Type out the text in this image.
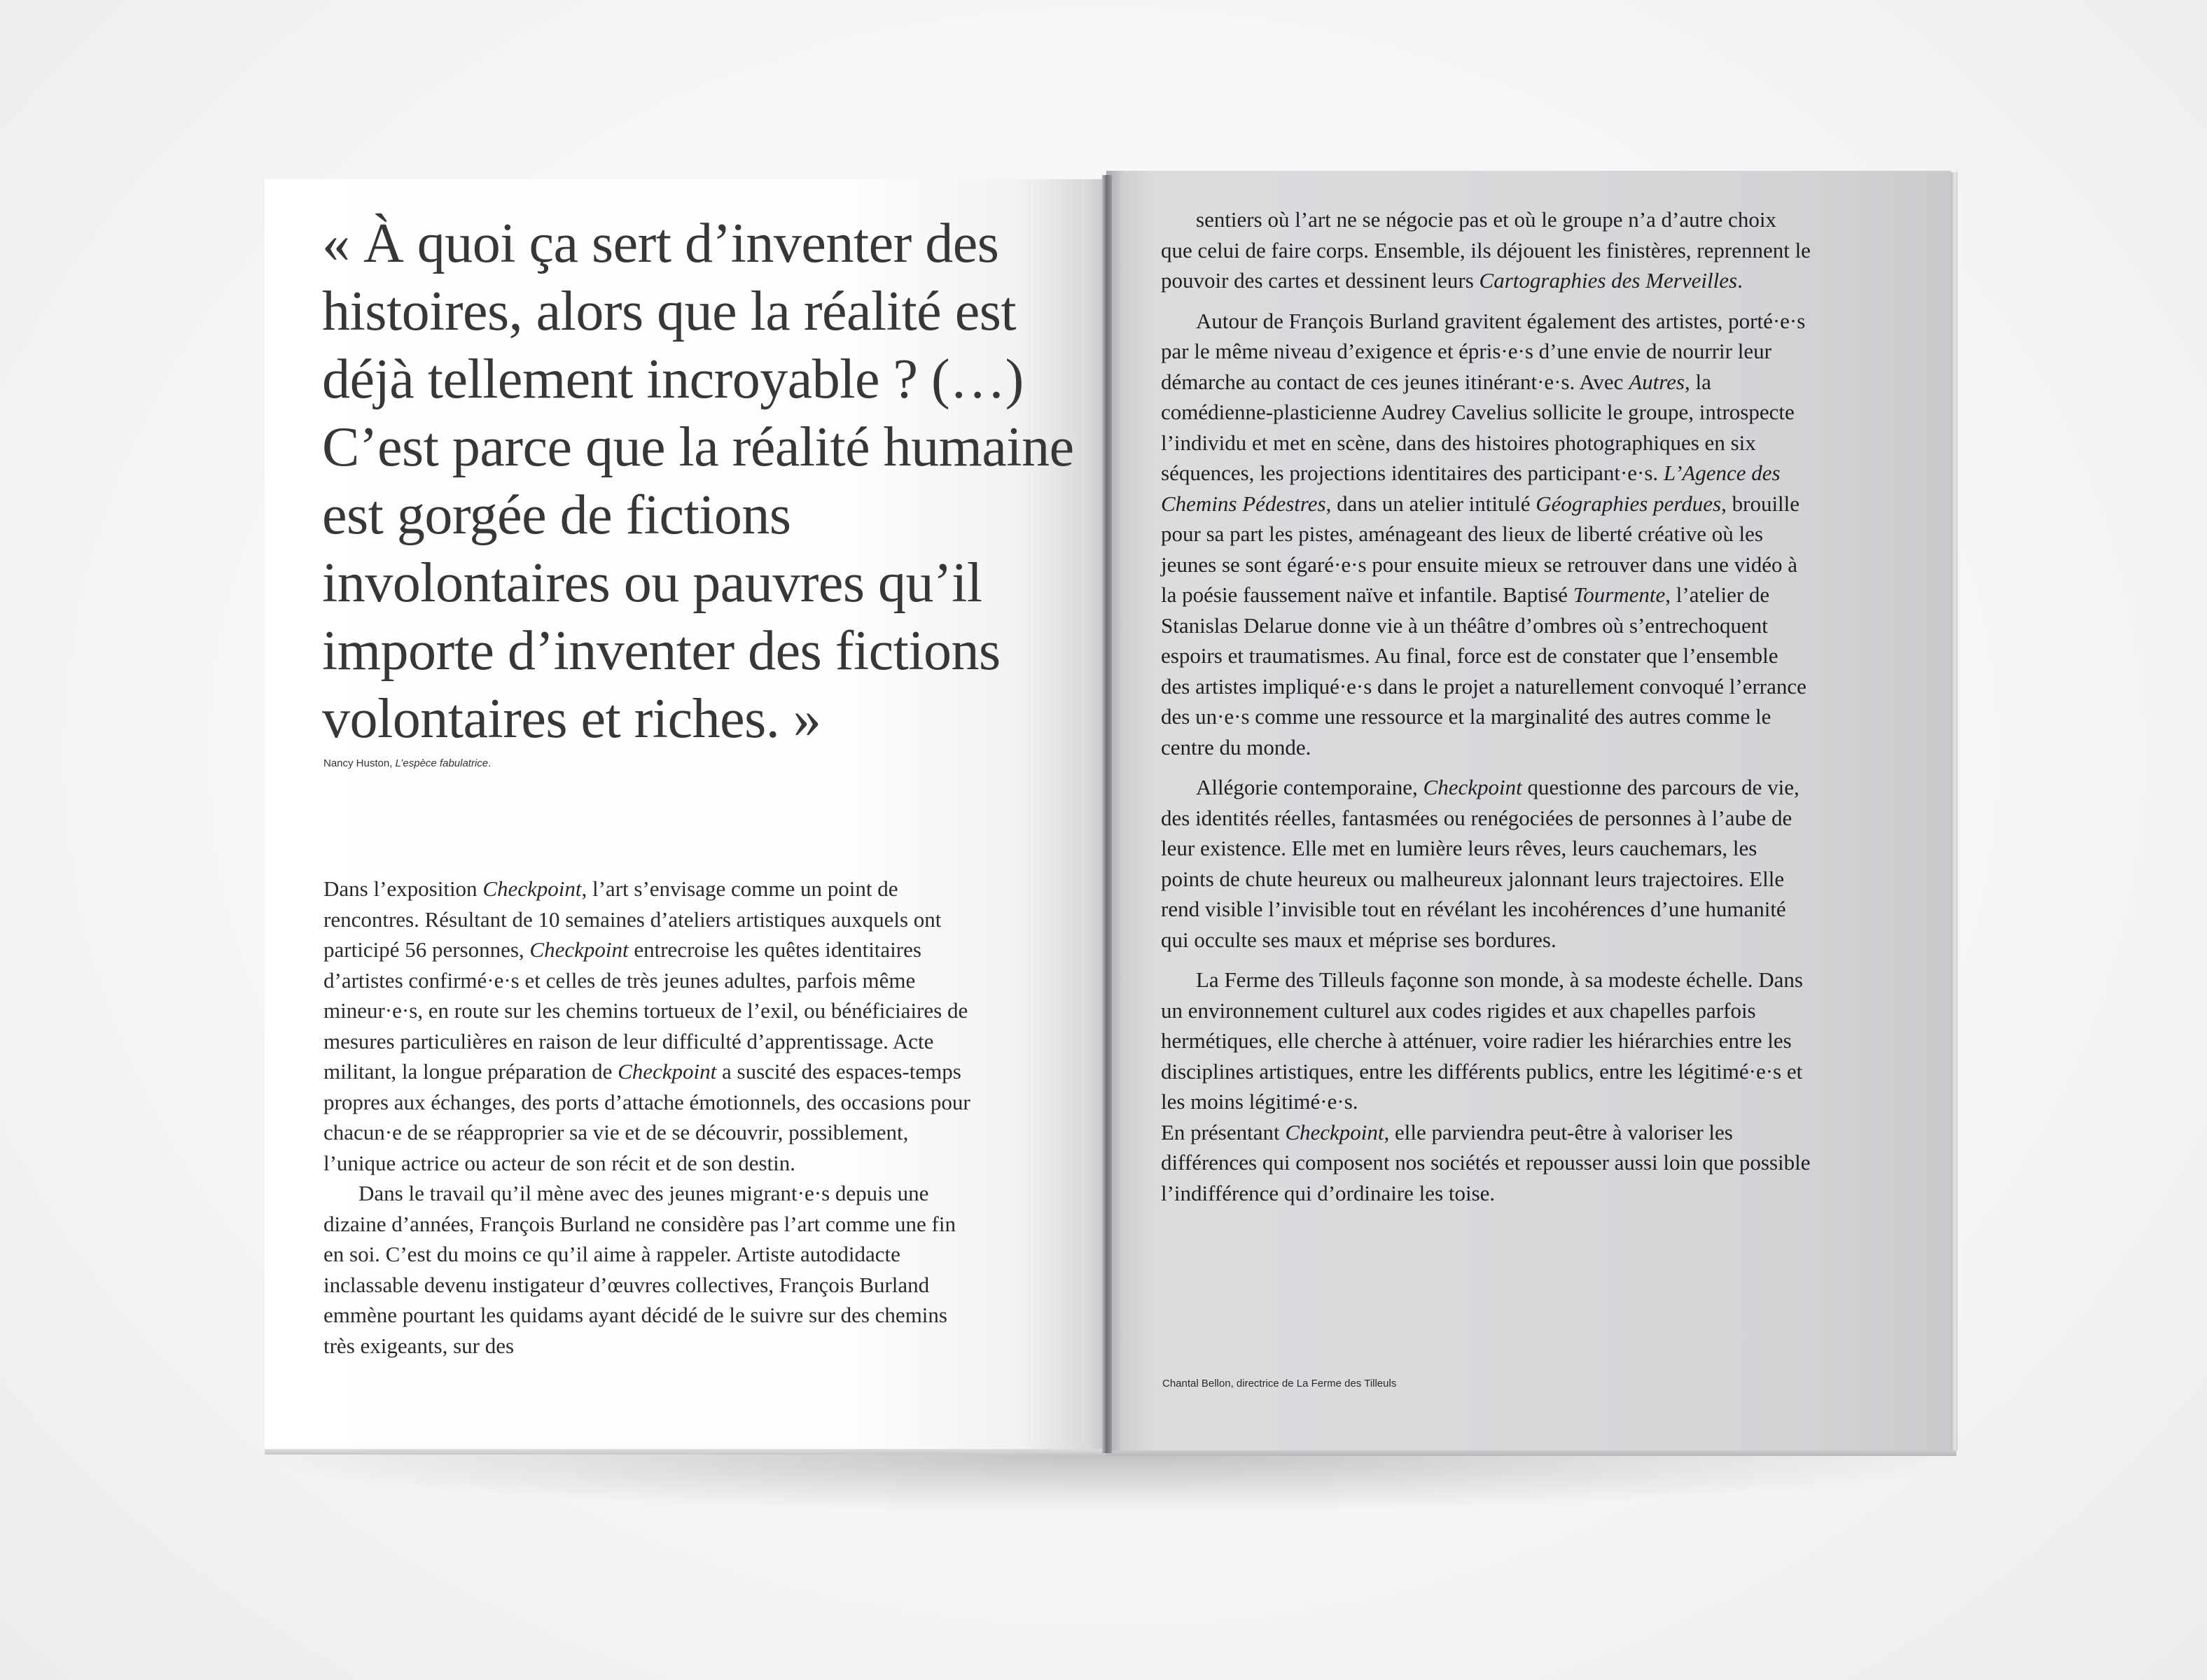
« À quoi ça sert d’inventer des histoires, alors que la réalité est déjà tellement incroyable ? (…) C’est parce que la réalité humaine est gorgée de fictions involontaires ou pauvres qu’il importe d’inventer des fictions volontaires et riches. »

Nancy Huston, L’espèce fabulatrice.

Dans l’exposition Checkpoint, l’art s’envisage comme un point de rencontres. Résultant de 10 semaines d’ateliers artistiques auxquels ont participé 56 personnes, Checkpoint entrecroise les quêtes identitaires d’artistes confirmé·e·s et celles de très jeunes adultes, parfois même mineur·e·s, en route sur les chemins tortueux de l’exil, ou bénéficiaires de mesures particulières en raison de leur difficulté d’apprentissage. Acte militant, la longue préparation de Checkpoint a suscité des espaces-temps propres aux échanges, des ports d’attache émotionnels, des occasions pour chacun·e de se réapproprier sa vie et de se découvrir, possiblement, l’unique actrice ou acteur de son récit et de son destin.

Dans le travail qu’il mène avec des jeunes migrant·e·s depuis une dizaine d’années, François Burland ne considère pas l’art comme une fin en soi. C’est du moins ce qu’il aime à rappeler. Artiste autodidacte inclassable devenu instigateur d’œuvres collectives, François Burland emmène pourtant les quidams ayant décidé de le suivre sur des chemins très exigeants, sur des

sentiers où l’art ne se négocie pas et où le groupe n’a d’autre choix que celui de faire corps. Ensemble, ils déjouent les finistères, reprennent le pouvoir des cartes et dessinent leurs Cartographies des Merveilles.

Autour de François Burland gravitent également des artistes, porté·e·s par le même niveau d’exigence et épris·e·s d’une envie de nourrir leur démarche au contact de ces jeunes itinérant·e·s. Avec Autres, la comédienne-plasticienne Audrey Cavelius sollicite le groupe, introspecte l’individu et met en scène, dans des histoires photographiques en six séquences, les projections identitaires des participant·e·s. L’Agence des Chemins Pédestres, dans un atelier intitulé Géographies perdues, brouille pour sa part les pistes, aménageant des lieux de liberté créative où les jeunes se sont égaré·e·s pour ensuite mieux se retrouver dans une vidéo à la poésie faussement naïve et infantile. Baptisé Tourmente, l’atelier de Stanislas Delarue donne vie à un théâtre d’ombres où s’entrechoquent espoirs et traumatismes. Au final, force est de constater que l’ensemble des artistes impliqué·e·s dans le projet a naturellement convoqué l’errance des un·e·s comme une ressource et la marginalité des autres comme le centre du monde.

Allégorie contemporaine, Checkpoint questionne des parcours de vie, des identités réelles, fantasmées ou renégociées de personnes à l’aube de leur existence. Elle met en lumière leurs rêves, leurs cauchemars, les points de chute heureux ou malheureux jalonnant leurs trajectoires. Elle rend visible l’invisible tout en révélant les incohérences d’une humanité qui occulte ses maux et méprise ses bordures.

La Ferme des Tilleuls façonne son monde, à sa modeste échelle. Dans un environnement culturel aux codes rigides et aux chapelles parfois hermétiques, elle cherche à atténuer, voire radier les hiérarchies entre les disciplines artistiques, entre les différents publics, entre les légitimé·e·s et les moins légitimé·e·s.

En présentant Checkpoint, elle parviendra peut-être à valoriser les différences qui composent nos sociétés et repousser aussi loin que possible l’indifférence qui d’ordinaire les toise.

Chantal Bellon, directrice de La Ferme des Tilleuls
